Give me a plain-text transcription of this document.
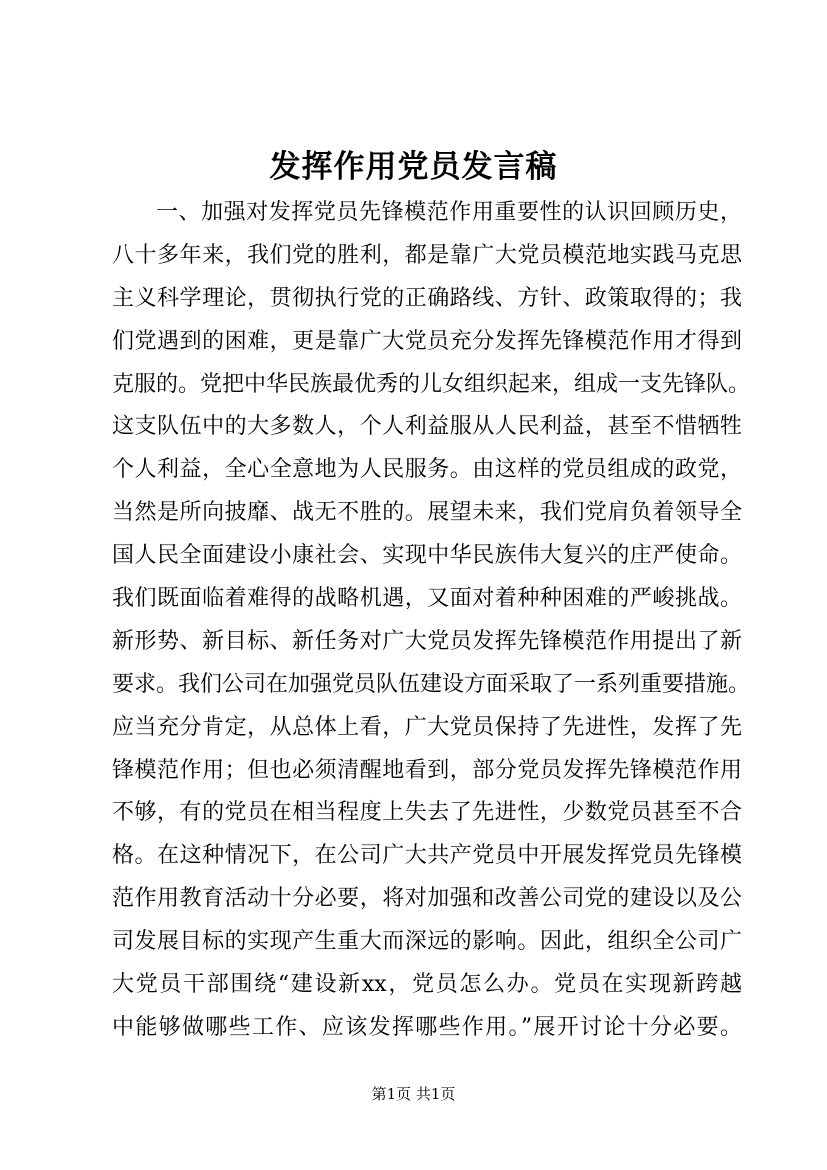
发挥作用党员发言稿
一、加强对发挥党员先锋模范作用重要性的认识回顾历史，
八十多年来，我们党的胜利，都是靠广大党员模范地实践马克思
主义科学理论，贯彻执行党的正确路线、方针、政策取得的；我
们党遇到的困难，更是靠广大党员充分发挥先锋模范作用才得到
克服的。党把中华民族最优秀的儿女组织起来，组成一支先锋队。
这支队伍中的大多数人，个人利益服从人民利益，甚至不惜牺牲
个人利益，全心全意地为人民服务。由这样的党员组成的政党，
当然是所向披靡、战无不胜的。展望未来，我们党肩负着领导全
国人民全面建设小康社会、实现中华民族伟大复兴的庄严使命。
我们既面临着难得的战略机遇，又面对着种种困难的严峻挑战。
新形势、新目标、新任务对广大党员发挥先锋模范作用提出了新
要求。我们公司在加强党员队伍建设方面采取了一系列重要措施。
应当充分肯定，从总体上看，广大党员保持了先进性，发挥了先
锋模范作用；但也必须清醒地看到，部分党员发挥先锋模范作用
不够，有的党员在相当程度上失去了先进性，少数党员甚至不合
格。在这种情况下，在公司广大共产党员中开展发挥党员先锋模
范作用教育活动十分必要，将对加强和改善公司党的建设以及公
司发展目标的实现产生重大而深远的影响。因此，组织全公司广
大党员干部围绕“建设新xx，党员怎么办。党员在实现新跨越
中能够做哪些工作、应该发挥哪些作用。”展开讨论十分必要。
第1页 共1页
